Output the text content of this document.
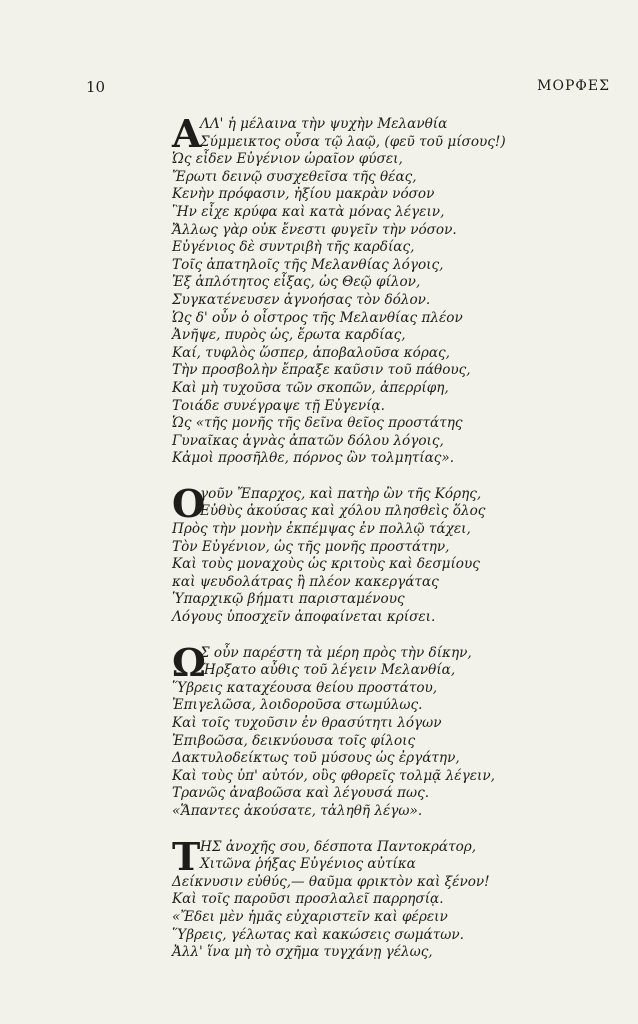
10	ΜΟΡΦΕΣ
Α
ΛΛ' ἡ μέλαινα τὴν ψυχὴν Μελανθία
Σύμμεικτος οὖσα τῷ λαῷ, (φεῦ τοῦ μίσους!)
Ὡς εἶδεν Εὐγένιον ὡραῖον φύσει,
Ἔρωτι δεινῷ συσχεθεῖσα τῆς θέας,
Κενὴν πρόφασιν, ἠξίου μακρὰν νόσον
Ἣν εἶχε κρύφα καὶ κατὰ μόνας λέγειν,
Ἄλλως γὰρ οὐκ ἔνεστι φυγεῖν τὴν νόσον.
Εὐγένιος δὲ συντριβὴ τῆς καρδίας,
Τοῖς ἀπατηλοῖς τῆς Μελανθίας λόγοις,
Ἐξ ἁπλότητος εἶξας, ὡς Θεῷ φίλον,
Συγκατένευσεν ἀγνοήσας τὸν δόλον.
Ὡς δ' οὖν ὁ οἶστρος τῆς Μελανθίας πλέον
Ἀνῆψε, πυρὸς ὡς, ἔρωτα καρδίας,
Καί, τυφλὸς ὥσπερ, ἀποβαλοῦσα κόρας,
Τὴν προσβολὴν ἔπραξε καῦσιν τοῦ πάθους,
Καὶ μὴ τυχοῦσα τῶν σκοπῶν, ἀπερρίφη,
Τοιάδε συνέγραψε τῇ Εὐγενίᾳ.
Ὡς «τῆς μονῆς τῆς δεῖνα θεῖος προστάτης
Γυναῖκας ἁγνὰς ἀπατῶν δόλου λόγοις,
Κἀμοὶ προσῆλθε, πόρνος ὢν τολμητίας».
Ο
γοῦν Ἔπαρχος, καὶ πατὴρ ὢν τῆς Κόρης,
Εὐθὺς ἀκούσας καὶ χόλου πλησθεὶς ὅλος
Πρὸς τὴν μονὴν ἐκπέμψας ἐν πολλῷ τάχει,
Τὸν Εὐγένιον, ὡς τῆς μονῆς προστάτην,
Καὶ τοὺς μοναχοὺς ὡς κριτοὺς καὶ δεσμίους
καὶ ψευδολάτρας ἢ πλέον κακεργάτας
Ὑπαρχικῷ βήματι παρισταμένους
Λόγους ὑποσχεῖν ἀποφαίνεται κρίσει.
Ω
Σ οὖν παρέστη τὰ μέρη πρὸς τὴν δίκην,
Ἤρξατο αὖθις τοῦ λέγειν Μελανθία,
Ὕβρεις καταχέουσα θείου προστάτου,
Ἐπιγελῶσα, λοιδοροῦσα στωμύλως.
Καὶ τοῖς τυχοῦσιν ἐν θρασύτητι λόγων
Ἐπιβοῶσα, δεικνύουσα τοῖς φίλοις
Δακτυλοδείκτως τοῦ μύσους ὡς ἐργάτην,
Καὶ τοὺς ὑπ' αὐτόν, οὓς φθορεῖς τολμᾷ λέγειν,
Τρανῶς ἀναβοῶσα καὶ λέγουσά πως.
«Ἅπαντες ἀκούσατε, τἀληθῆ λέγω».
Τ ΗΣ ἀνοχῆς σου, δέσποτα Παντοκράτορ,
Χιτῶνα ῥήξας Εὐγένιος αὐτίκα
Δείκνυσιν εὐθύς,— θαῦμα φρικτὸν καὶ ξένον!
Καὶ τοῖς παροῦσι προσλαλεῖ παρρησίᾳ.
«Ἔδει μὲν ἡμᾶς εὐχαριστεῖν καὶ φέρειν
Ὕβρεις, γέλωτας καὶ κακώσεις σωμάτων.
Ἀλλ' ἵνα μὴ τὸ σχῆμα τυγχάνῃ γέλως,
